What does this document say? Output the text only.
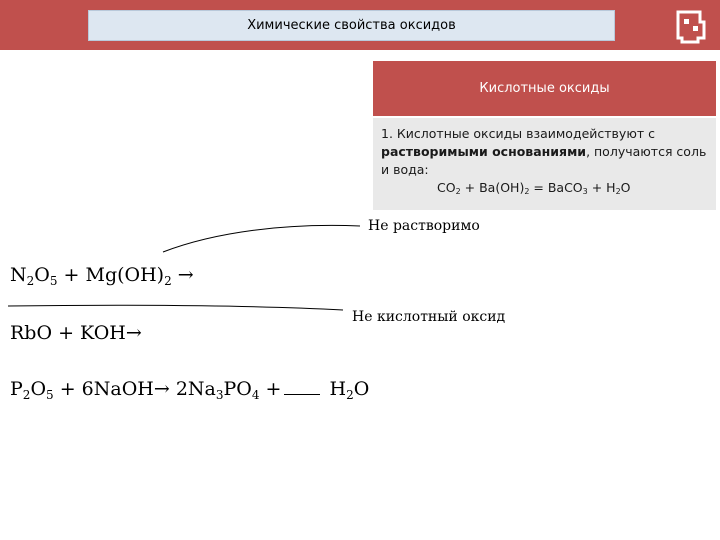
Химические свойства оксидов
Кислотные оксиды
1. Кислотные оксиды взаимодействуют с растворимыми основаниями, получаются соль и вода:
$CO_2 + Ba(OH)_2$ = BaCO$_3$ + $H_2O$
Не растворимо
Не кислотный оксид
$N_2O_5 + Mg(OH)_2$ →
RbO + KOH→
$P_2O_5$ + 6NaOH→ $2Na_3PO_4 + H_2O$
